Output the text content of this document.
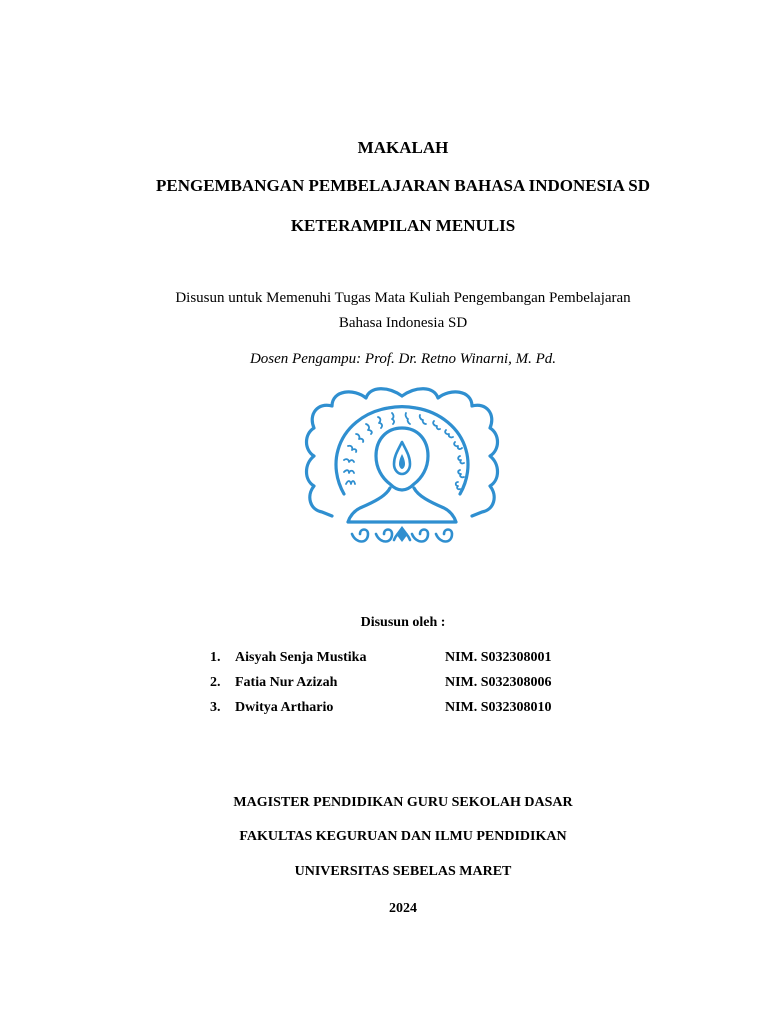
MAKALAH
PENGEMBANGAN PEMBELAJARAN BAHASA INDONESIA SD
KETERAMPILAN MENULIS
Disusun untuk Memenuhi Tugas Mata Kuliah Pengembangan Pembelajaran
Bahasa Indonesia SD
Dosen Pengampu: Prof. Dr. Retno Winarni, M. Pd.
Disusun oleh :
1. Aisyah Senja Mustika	NIM. S032308001
2. Fatia Nur Azizah	NIM. S032308006
3. Dwitya Arthario	NIM. S032308010
MAGISTER PENDIDIKAN GURU SEKOLAH DASAR
FAKULTAS KEGURUAN DAN ILMU PENDIDIKAN
UNIVERSITAS SEBELAS MARET
2024
